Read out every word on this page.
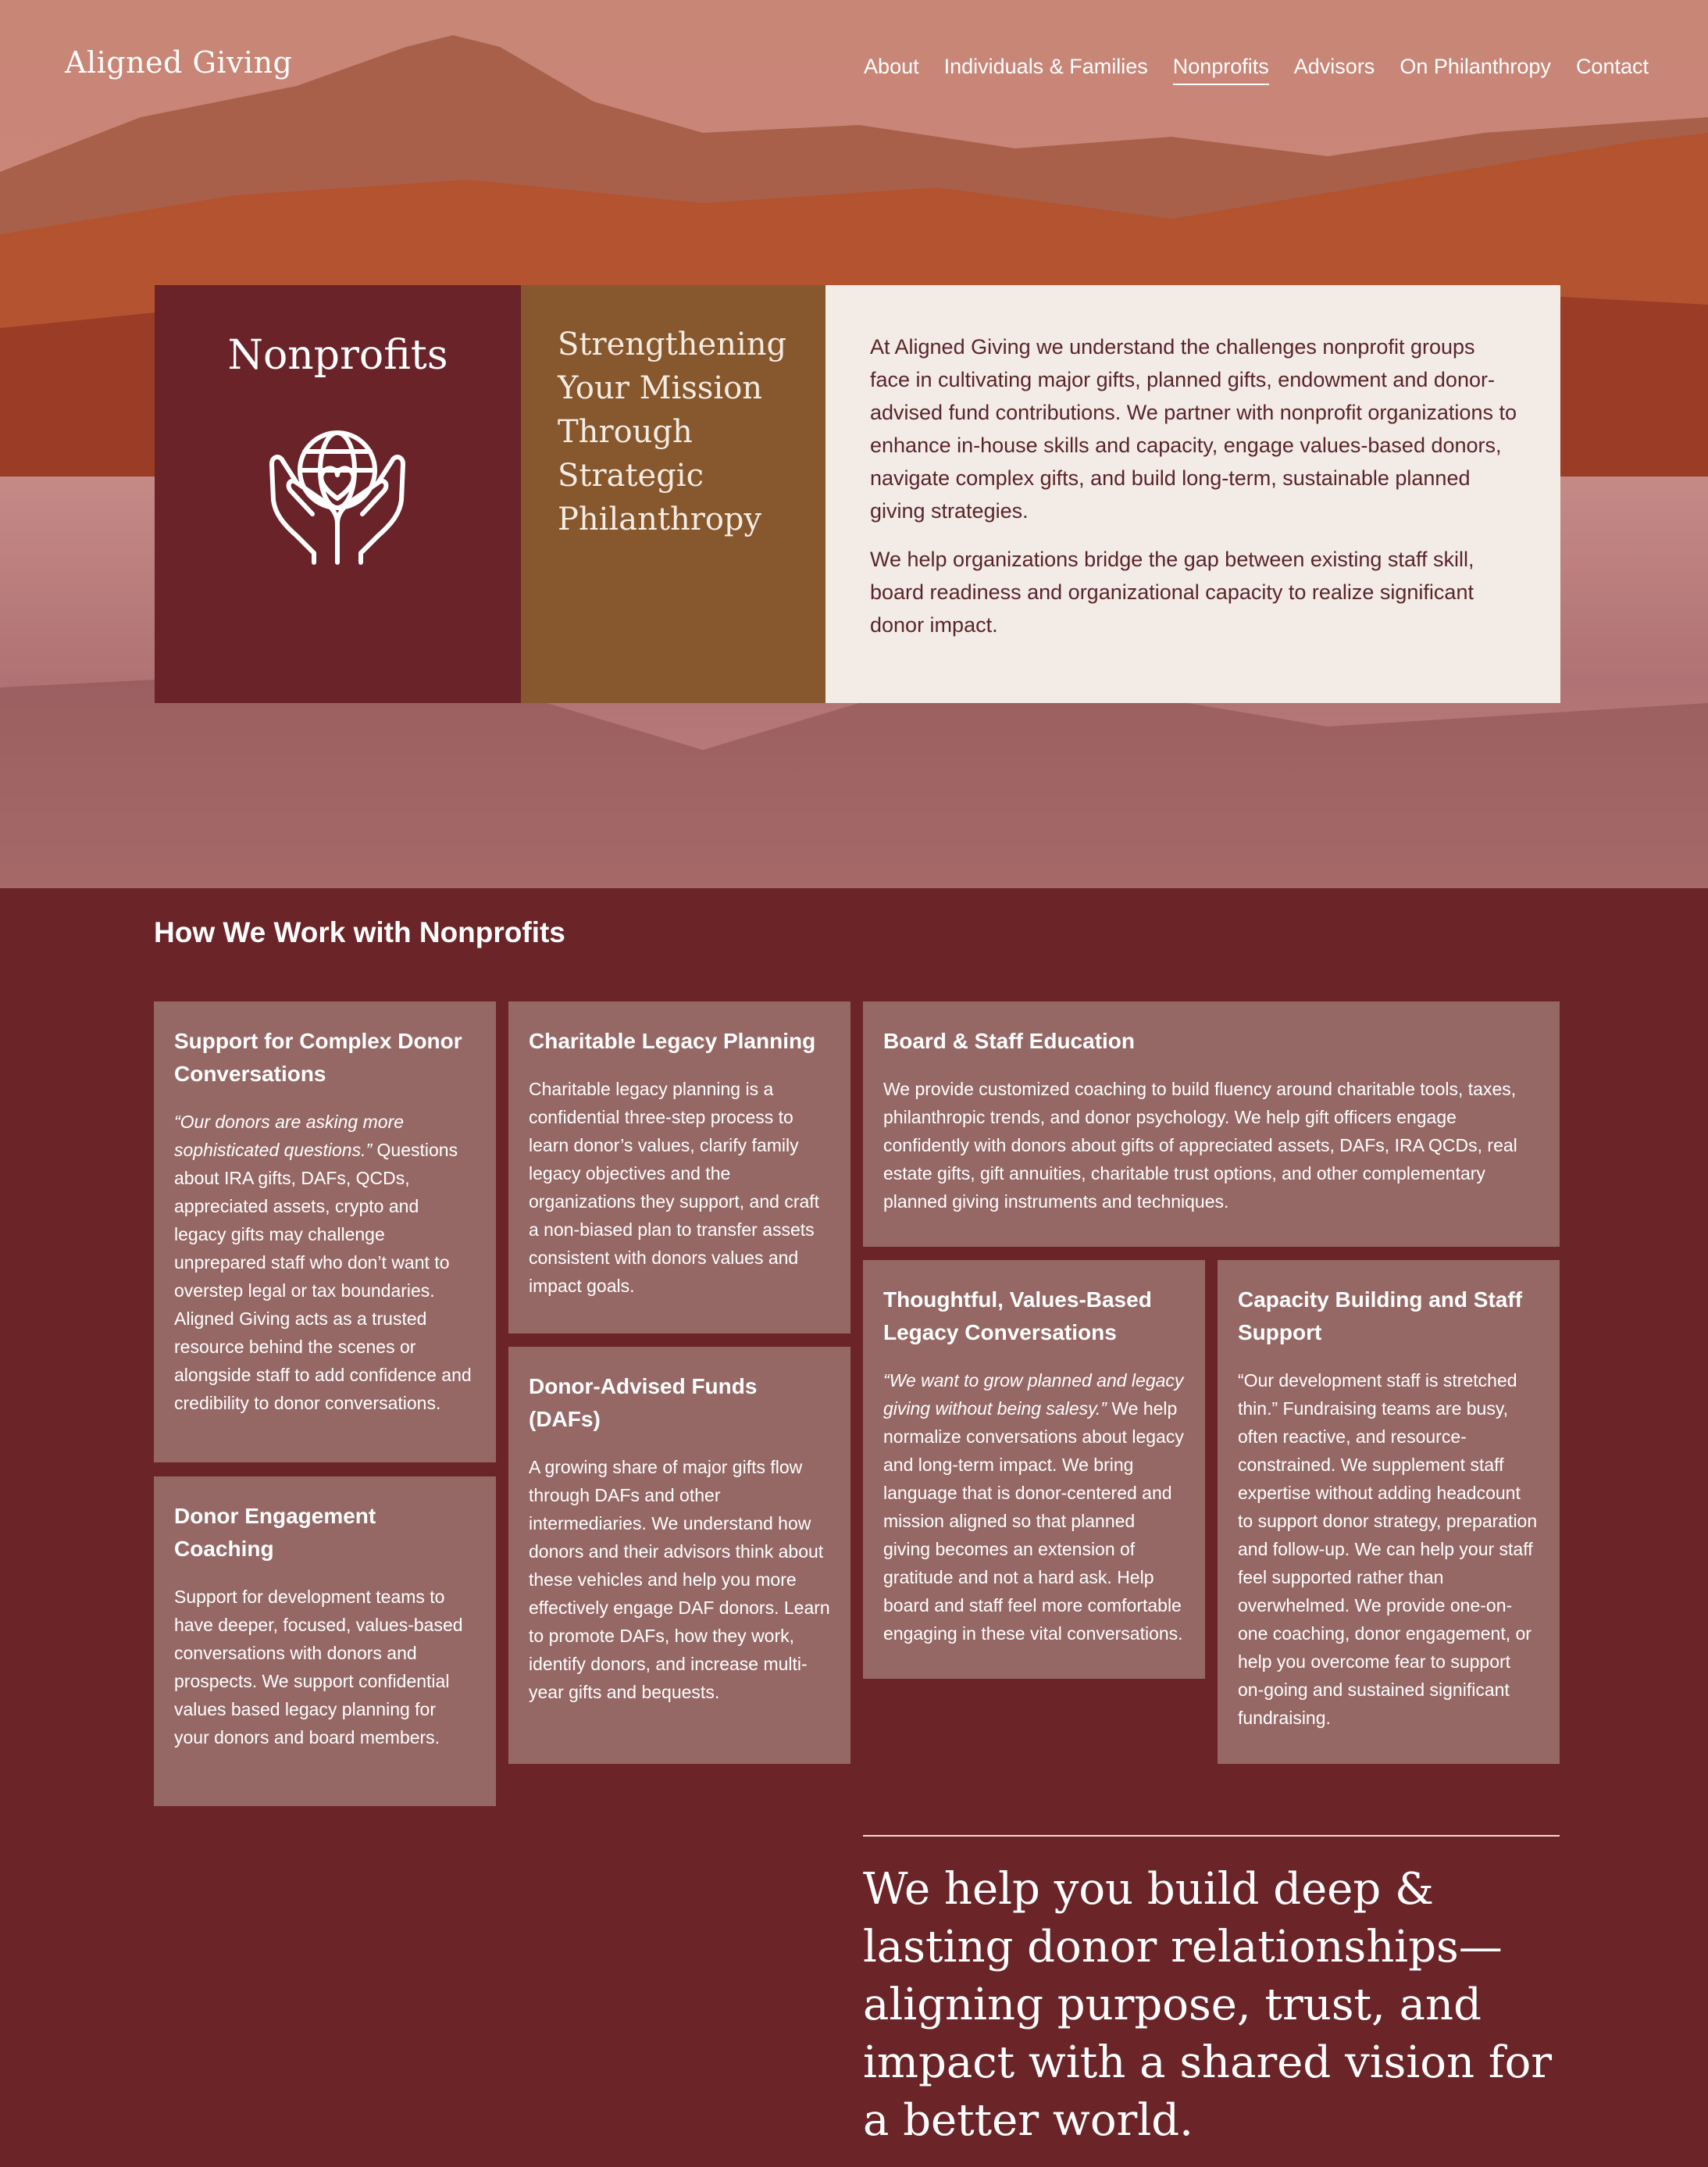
Aligned Giving	About Individuals & Families Nonprofits Advisors On Philanthropy Contact
Nonprofits	Strengthening Your Mission Through Strategic Philanthropy

At Aligned Giving we understand the challenges nonprofit groups face in cultivating major gifts, planned gifts, endowment and donor-advised fund contributions. We partner with nonprofit organizations to enhance in-house skills and capacity, engage values-based donors, navigate complex gifts, and build long-term, sustainable planned giving strategies.

We help organizations bridge the gap between existing staff skill, board readiness and organizational capacity to realize significant donor impact.

How We Work with Nonprofits
Support for Complex Donor Conversations

“Our donors are asking more sophisticated questions.” Questions about IRA gifts, DAFs, QCDs, appreciated assets, crypto and legacy gifts may challenge unprepared staff who don’t want to overstep legal or tax boundaries. Aligned Giving acts as a trusted resource behind the scenes or alongside staff to add confidence and credibility to donor conversations.

Donor Engagement Coaching

Support for development teams to have deeper, focused, values-based conversations with donors and prospects. We support confidential values based legacy planning for your donors and board members.

Charitable Legacy Planning

Charitable legacy planning is a confidential three-step process to learn donor’s values, clarify family legacy objectives and the organizations they support, and craft a non-biased plan to transfer assets consistent with donors values and impact goals.

Donor-Advised Funds (DAFs)

A growing share of major gifts flow through DAFs and other intermediaries. We understand how donors and their advisors think about these vehicles and help you more effectively engage DAF donors. Learn to promote DAFs, how they work, identify donors, and increase multi-year gifts and bequests.

Board & Staff Education

We provide customized coaching to build fluency around charitable tools, taxes, philanthropic trends, and donor psychology. We help gift officers engage confidently with donors about gifts of appreciated assets, DAFs, IRA QCDs, real estate gifts, gift annuities, charitable trust options, and other complementary planned giving instruments and techniques.

Thoughtful, Values-Based Legacy Conversations

“We want to grow planned and legacy giving without being salesy.” We help normalize conversations about legacy and long-term impact. We bring language that is donor-centered and mission aligned so that planned giving becomes an extension of gratitude and not a hard ask. Help board and staff feel more comfortable engaging in these vital conversations.

Capacity Building and Staff Support

“Our development staff is stretched thin.” Fundraising teams are busy, often reactive, and resource-constrained. We supplement staff expertise without adding headcount to support donor strategy, preparation and follow-up. We can help your staff feel supported rather than overwhelmed. We provide one-on-one coaching, donor engagement, or help you overcome fear to support on-going and sustained significant fundraising.

We help you build deep & lasting donor relationships—aligning purpose, trust, and impact with a shared vision for a better world.
